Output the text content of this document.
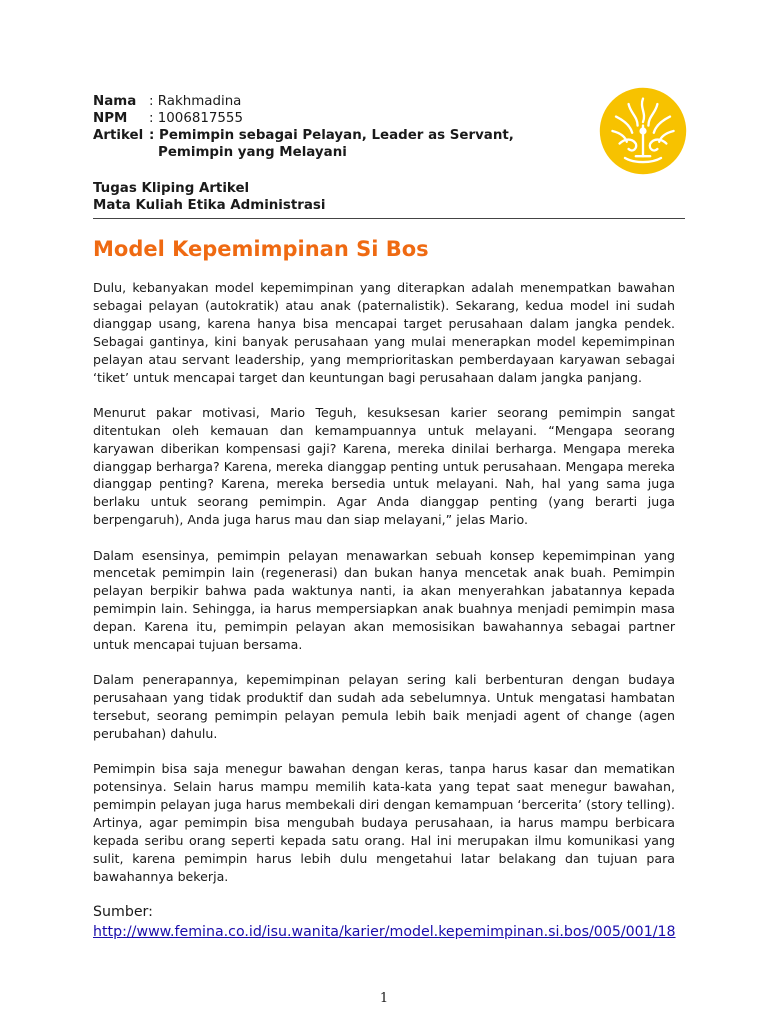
Nama : Rakhmadina
NPM	: 1006817555
Artikel : Pemimpin sebagai Pelayan, Leader as Servant,
Pemimpin yang Melayani
Tugas Kliping Artikel
Mata Kuliah Etika Administrasi
Model Kepemimpinan Si Bos

Dulu, kebanyakan model kepemimpinan yang diterapkan adalah menempatkan bawahan sebagai pelayan (autokratik) atau anak (paternalistik). Sekarang, kedua model ini sudah dianggap usang, karena hanya bisa mencapai target perusahaan dalam jangka pendek. Sebagai gantinya, kini banyak perusahaan yang mulai menerapkan model kepemimpinan pelayan atau servant leadership, yang memprioritaskan pemberdayaan karyawan sebagai ‘tiket’ untuk mencapai target dan keuntungan bagi perusahaan dalam jangka panjang.

Menurut pakar motivasi, Mario Teguh, kesuksesan karier seorang pemimpin sangat ditentukan oleh kemauan dan kemampuannya untuk melayani. “Mengapa seorang karyawan diberikan kompensasi gaji? Karena, mereka dinilai berharga. Mengapa mereka dianggap berharga? Karena, mereka dianggap penting untuk perusahaan. Mengapa mereka dianggap penting? Karena, mereka bersedia untuk melayani. Nah, hal yang sama juga berlaku untuk seorang pemimpin. Agar Anda dianggap penting (yang berarti juga berpengaruh), Anda juga harus mau dan siap melayani,” jelas Mario.

Dalam esensinya, pemimpin pelayan menawarkan sebuah konsep kepemimpinan yang mencetak pemimpin lain (regenerasi) dan bukan hanya mencetak anak buah. Pemimpin pelayan berpikir bahwa pada waktunya nanti, ia akan menyerahkan jabatannya kepada pemimpin lain. Sehingga, ia harus mempersiapkan anak buahnya menjadi pemimpin masa depan. Karena itu, pemimpin pelayan akan memosisikan bawahannya sebagai partner untuk mencapai tujuan bersama.

Dalam penerapannya, kepemimpinan pelayan sering kali berbenturan dengan budaya perusahaan yang tidak produktif dan sudah ada sebelumnya. Untuk mengatasi hambatan tersebut, seorang pemimpin pelayan pemula lebih baik menjadi agent of change (agen perubahan) dahulu.

Pemimpin bisa saja menegur bawahan dengan keras, tanpa harus kasar dan mematikan potensinya. Selain harus mampu memilih kata-kata yang tepat saat menegur bawahan, pemimpin pelayan juga harus membekali diri dengan kemampuan ‘bercerita’ (story telling). Artinya, agar pemimpin bisa mengubah budaya perusahaan, ia harus mampu berbicara kepada seribu orang seperti kepada satu orang. Hal ini merupakan ilmu komunikasi yang sulit, karena pemimpin harus lebih dulu mengetahui latar belakang dan tujuan para bawahannya bekerja.

Sumber:
http://www.femina.co.id/isu.wanita/karier/model.kepemimpinan.si.bos/005/001/18
1
